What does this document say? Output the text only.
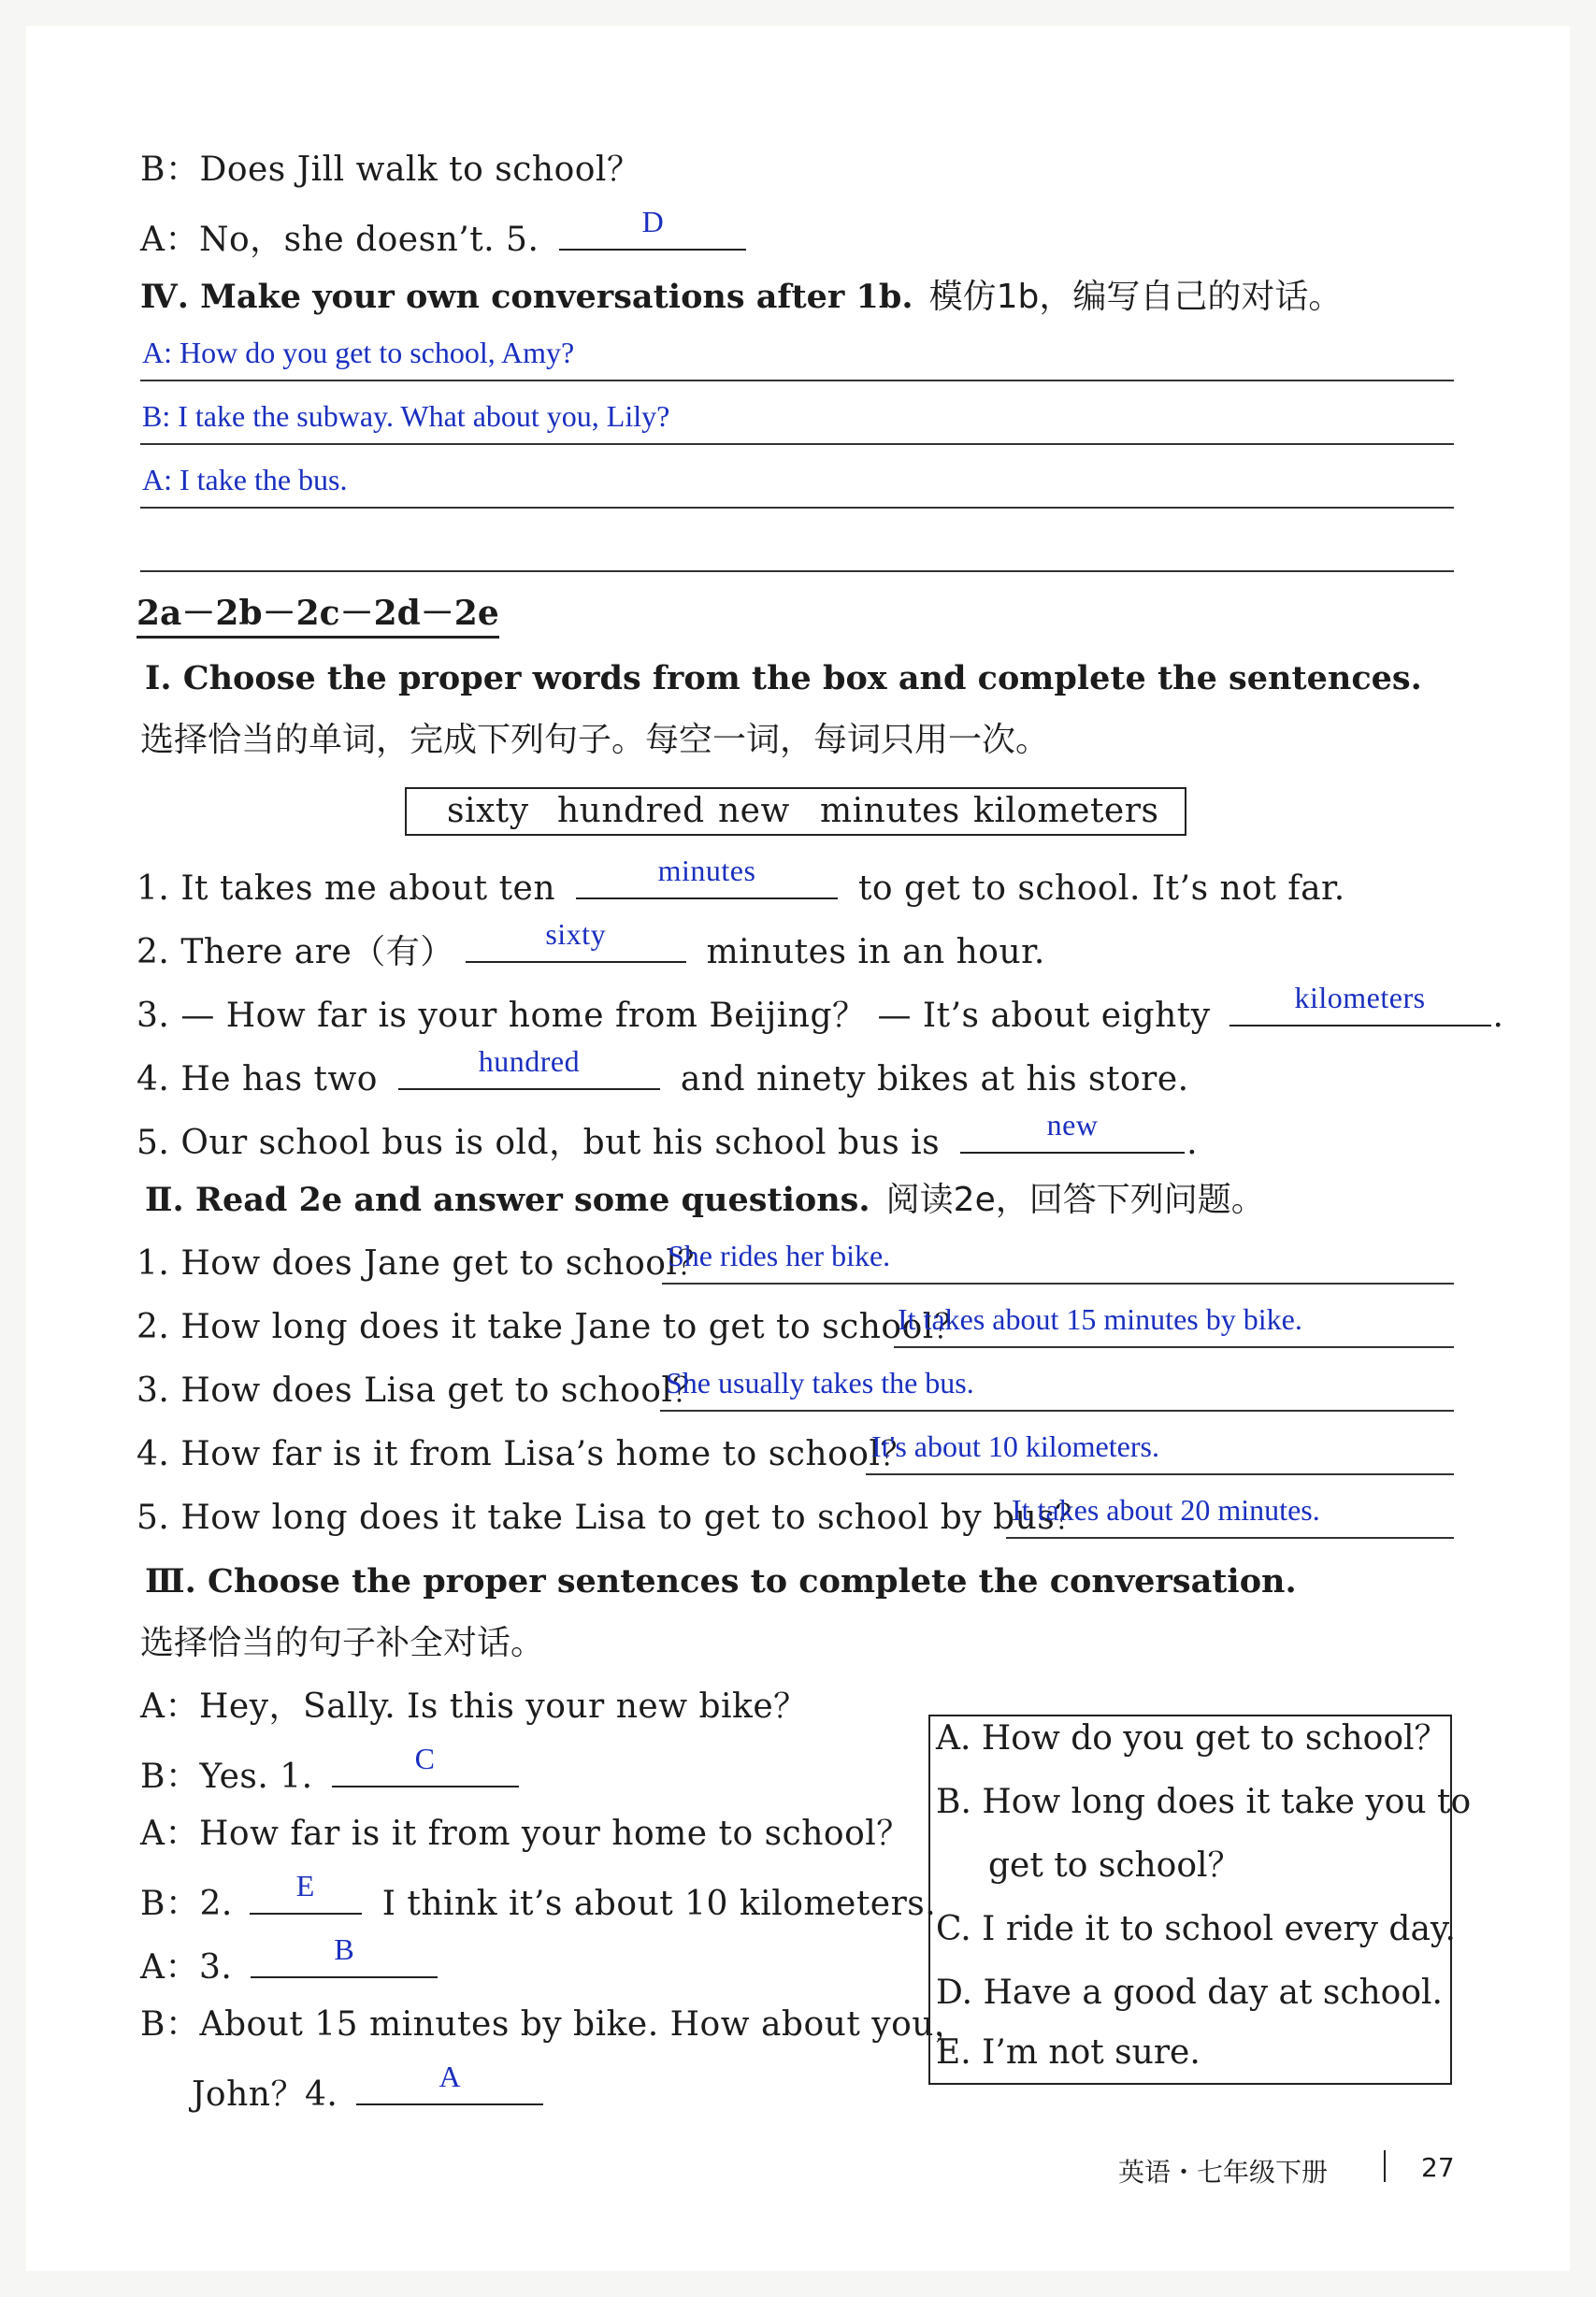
B：Does Jill walk to school？
A：No，she doesn’t. 5.	D
Ⅳ. Make your own conversations after 1b. 模仿1b，编写自己的对话。
A: How do you get to school, Amy?
B: I take the subway. What about you, Lily?
A: I take the bus.
2a－2b－2c－2d－2e
Ⅰ. Choose the proper words from the box and complete the sentences.
选择恰当的单词，完成下列句子。每空一词，每词只用一次。
sixty hundred new minutes kilometers
1. It takes me about ten	minutes	to get to school. It’s not far.
2. There are（有）	sixty	minutes in an hour.
3. — How far is your home from Beijing？ — It’s about eighty	kilometers	.
4. He has two	hundred	and ninety bikes at his store.
5. Our school bus is old，but his school bus is	new	.
Ⅱ. Read 2e and answer some questions. 阅读2e，回答下列问题。
1. How does Jane get to school？
She rides her bike.
2. How long does it take Jane to get to school？
It takes about 15 minutes by bike.
3. How does Lisa get to school？
She usually takes the bus.
4. How far is it from Lisa’s home to school？
It's about 10 kilometers.
5. How long does it take Lisa to get to school by bus？
It takes about 20 minutes.
Ⅲ. Choose the proper sentences to complete the conversation.
选择恰当的句子补全对话。
A：Hey，Sally. Is this your new bike？
B：Yes. 1.	C
A：How far is it from your home to school？
B：2.	E	I think it’s about 10 kilometers.
A：3.	B
B：About 15 minutes by bike. How about you，
John？4.	A
A. How do you get to school？
B. How long does it take you to
get to school？
C. I ride it to school every day.
D. Have a good day at school.
E. I’m not sure.
英语・七年级下册	27
